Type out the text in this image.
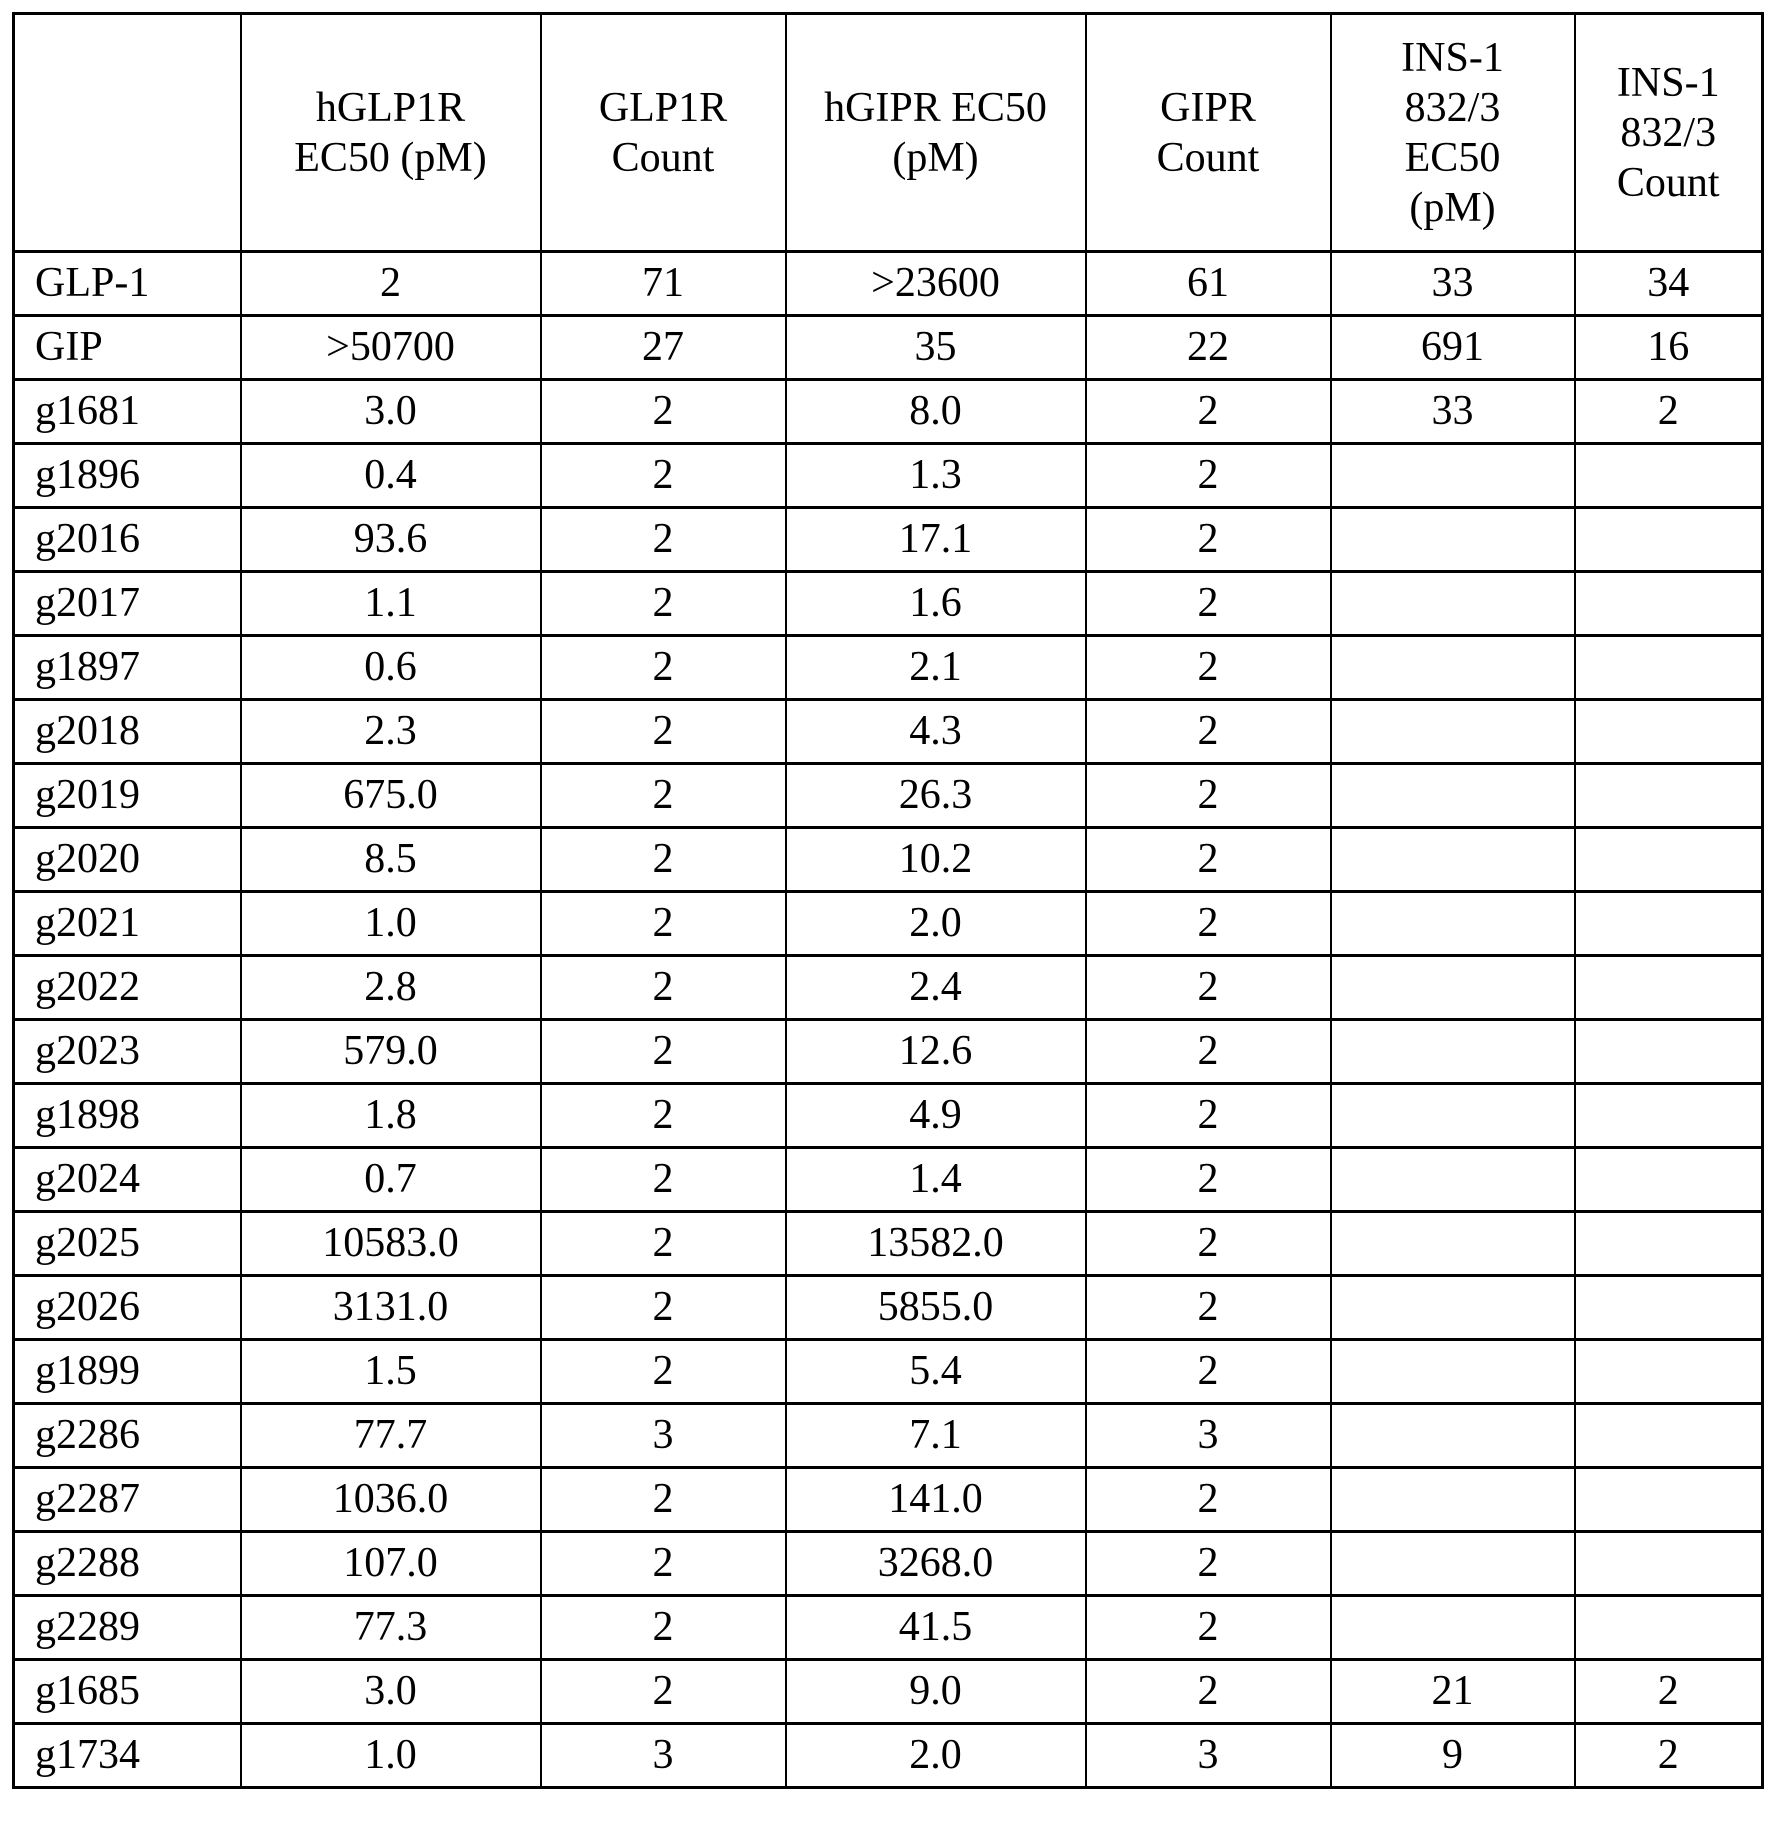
	hGLP1R EC50 (pM)	GLP1R Count	hGIPR EC50 (pM)	GIPR Count	INS-1 832/3 EC50 (pM)	INS-1 832/3 Count
GLP-1	2	71	>23600	61	33	34
GIP	>50700	27	35	22	691	16
g1681	3.0	2	8.0	2	33	2
g1896	0.4	2	1.3	2		
g2016	93.6	2	17.1	2		
g2017	1.1	2	1.6	2		
g1897	0.6	2	2.1	2		
g2018	2.3	2	4.3	2		
g2019	675.0	2	26.3	2		
g2020	8.5	2	10.2	2		
g2021	1.0	2	2.0	2		
g2022	2.8	2	2.4	2		
g2023	579.0	2	12.6	2		
g1898	1.8	2	4.9	2		
g2024	0.7	2	1.4	2		
g2025	10583.0	2	13582.0	2		
g2026	3131.0	2	5855.0	2		
g1899	1.5	2	5.4	2		
g2286	77.7	3	7.1	3		
g2287	1036.0	2	141.0	2		
g2288	107.0	2	3268.0	2		
g2289	77.3	2	41.5	2		
g1685	3.0	2	9.0	2	21	2
g1734	1.0	3	2.0	3	9	2
